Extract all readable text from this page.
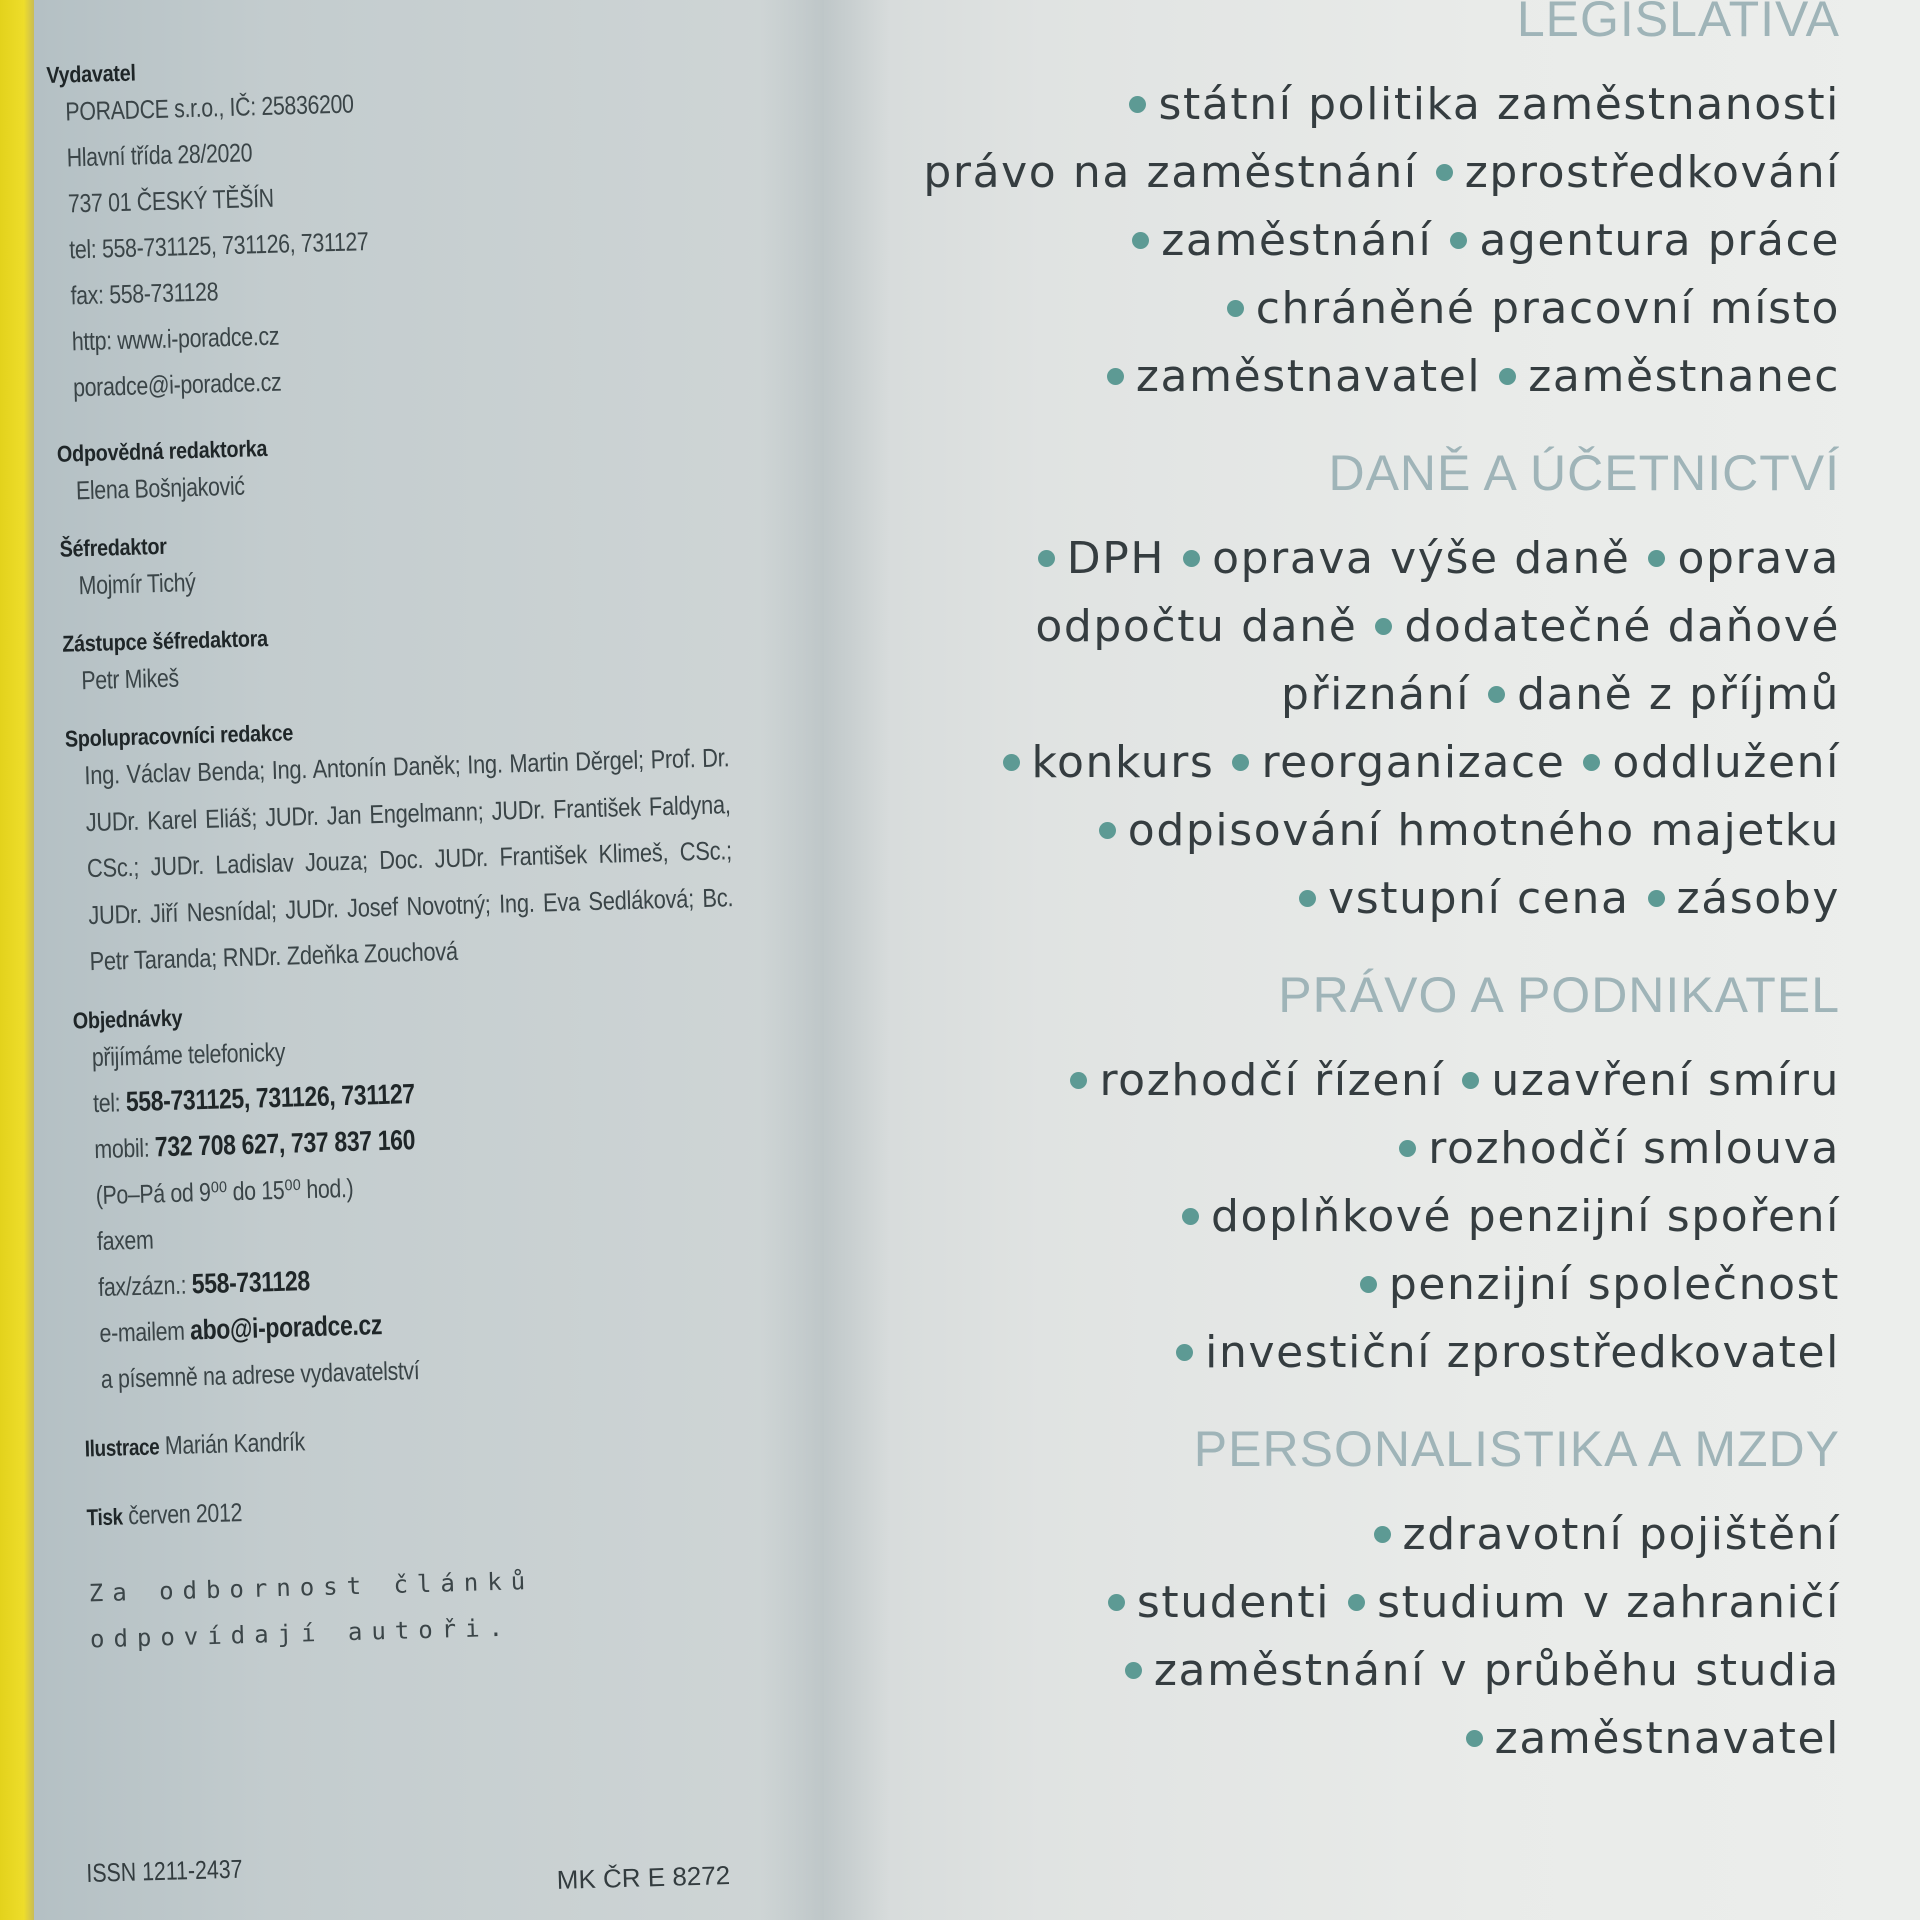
Vydavatel
PORADCE s.r.o., IČ: 25836200
Hlavní třída 28/2020
737 01 ČESKÝ TĚŠÍN
tel: 558-731125, 731126, 731127
fax: 558-731128
http: www.i-poradce.cz
poradce@i-poradce.cz
Odpovědná redaktorka
Elena Bošnjaković
Šéfredaktor
Mojmír Tichý
Zástupce šéfredaktora
Petr Mikeš
Spolupracovníci redakce
Ing. Václav Benda; Ing. Antonín Daněk; Ing. Martin Děrgel; Prof. Dr. JUDr. Karel Eliáš; JUDr. Jan Engelmann; JUDr. František Faldyna, CSc.; JUDr. Ladislav Jouza; Doc. JUDr. František Klimeš, CSc.; JUDr. Jiří Nesnídal; JUDr. Josef Novotný; Ing. Eva Sedláková; Bc. Petr Taranda; RNDr. Zdeňka Zouchová
Objednávky
přijímáme telefonicky
tel: 558-731125, 731126, 731127
mobil: 732 708 627, 737 837 160
(Po–Pá od 9⁰⁰ do 15⁰⁰ hod.)
faxem
fax/zázn.: 558-731128
e-mailem abo@i-poradce.cz
a písemně na adrese vydavatelství
Ilustrace Marián Kandrík
Tisk červen 2012
Za odbornost článků
odpovídají autoři.
ISSN 1211-2437	MK ČR E 8272
LEGISLATIVA
státní politika zaměstnanosti
právo na zaměstnání zprostředkování
zaměstnání agentura práce
chráněné pracovní místo
zaměstnavatel zaměstnanec
DANĚ A ÚČETNICTVÍ
DPH oprava výše daně oprava
odpočtu daně dodatečné daňové
přiznání daně z příjmů
konkurs reorganizace oddlužení
odpisování hmotného majetku
vstupní cena zásoby
PRÁVO A PODNIKATEL
rozhodčí řízení uzavření smíru
rozhodčí smlouva
doplňkové penzijní spoření
penzijní společnost
investiční zprostředkovatel
PERSONALISTIKA A MZDY
zdravotní pojištění
studenti studium v zahraničí
zaměstnání v průběhu studia
zaměstnavatel
